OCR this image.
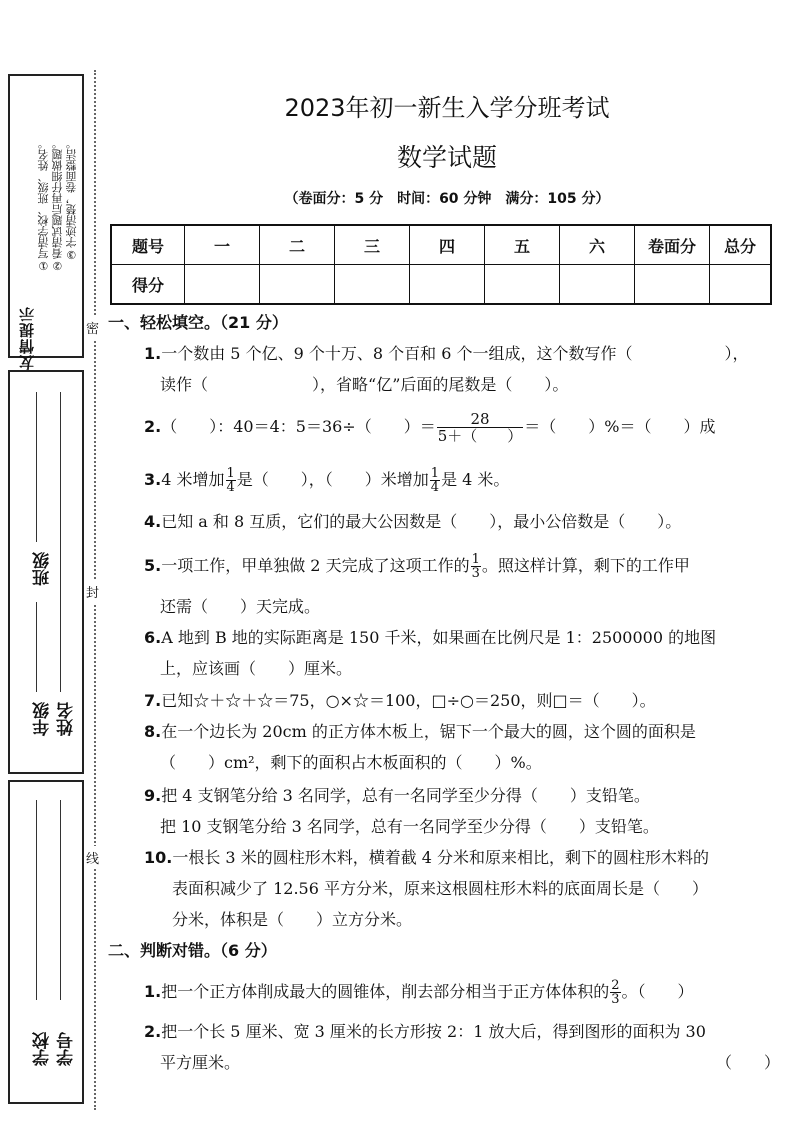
友情提示
①写清学校、班级、姓名。 ②看清试题后再仔细做题。 ③字迹清楚，卷面整洁。
班级
年级 姓名
学校 学号
密
封
线
2023年初一新生入学分班考试
数学试题
（卷面分：5 分　时间：60 分钟　满分：105 分）
题号	一	二	三	四	五	六	卷面分	总分
得分								
一、轻松填空。（21 分）
1.一个数由 5 个亿、9 个十万、8 个百和 6 个一组成，这个数写作（	），
读作（	），省略“亿”后面的尾数是（　　）。
2.（　　）：40＝4：5＝36÷（　　）＝ $\frac{28}{5+( )}$ ＝（　　）%＝（　　）成
3.4 米增加 $\frac{1}{4}$ 是（　　），（　　）米增加 $\frac{1}{4}$ 是 4 米。
4.已知 a 和 8 互质，它们的最大公因数是（　　），最小公倍数是（　　）。
5.一项工作，甲单独做 2 天完成了这项工作的 $\frac{1}{3}$ 。照这样计算，剩下的工作甲
还需（　　）天完成。
6.A 地到 B 地的实际距离是 150 千米，如果画在比例尺是 1：2500000 的地图
上，应该画（　　）厘米。
7.已知☆＋☆＋☆＝75，○×☆＝100，□÷○＝250，则□＝（　　）。
8.在一个边长为 20cm 的正方体木板上，锯下一个最大的圆，这个圆的面积是
（　　）cm²，剩下的面积占木板面积的（　　）%。
9.把 4 支钢笔分给 3 名同学，总有一名同学至少分得（　　）支铅笔。
把 10 支钢笔分给 3 名同学，总有一名同学至少分得（　　）支铅笔。
10.一根长 3 米的圆柱形木料，横着截 4 分米和原来相比，剩下的圆柱形木料的
表面积减少了 12.56 平方分米，原来这根圆柱形木料的底面周长是（　　）
分米，体积是（　　）立方分米。
二、判断对错。（6 分）
1.把一个正方体削成最大的圆锥体，削去部分相当于正方体体积的 $\frac{2}{3}$ 。（　　）
2.把一个长 5 厘米、宽 3 厘米的长方形按 2：1 放大后，得到图形的面积为 30
平方厘米。	（　　）
